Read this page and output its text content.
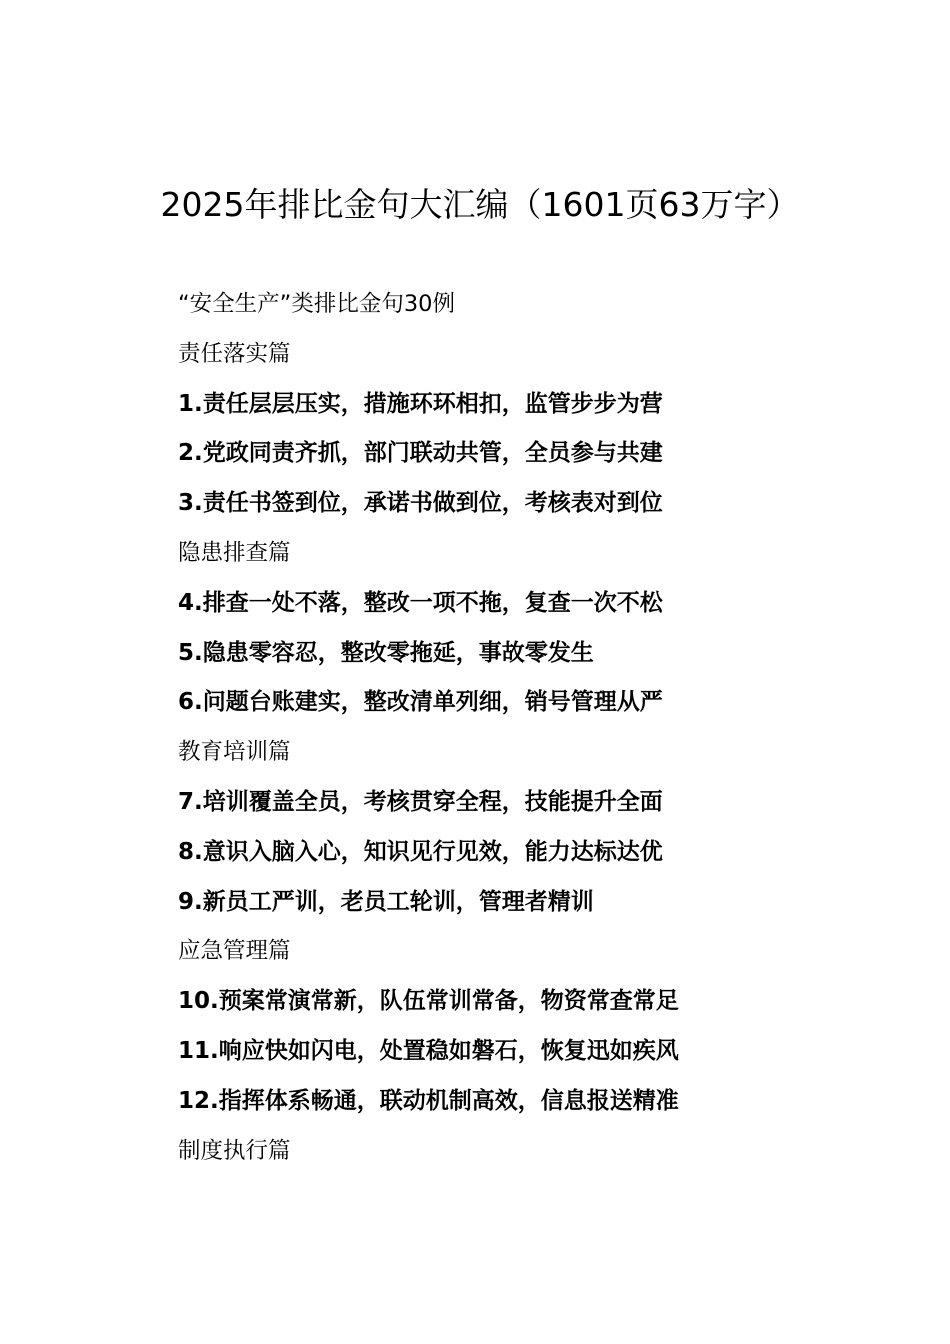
2025年排比金句大汇编（1601页63万字）
“安全生产”类排比金句30例
责任落实篇
1.责任层层压实，措施环环相扣，监管步步为营
2.党政同责齐抓，部门联动共管，全员参与共建
3.责任书签到位，承诺书做到位，考核表对到位
隐患排查篇
4.排查一处不落，整改一项不拖，复查一次不松
5.隐患零容忍，整改零拖延，事故零发生
6.问题台账建实，整改清单列细，销号管理从严
教育培训篇
7.培训覆盖全员，考核贯穿全程，技能提升全面
8.意识入脑入心，知识见行见效，能力达标达优
9.新员工严训，老员工轮训，管理者精训
应急管理篇
10.预案常演常新，队伍常训常备，物资常查常足
11.响应快如闪电，处置稳如磐石，恢复迅如疾风
12.指挥体系畅通，联动机制高效，信息报送精准
制度执行篇
